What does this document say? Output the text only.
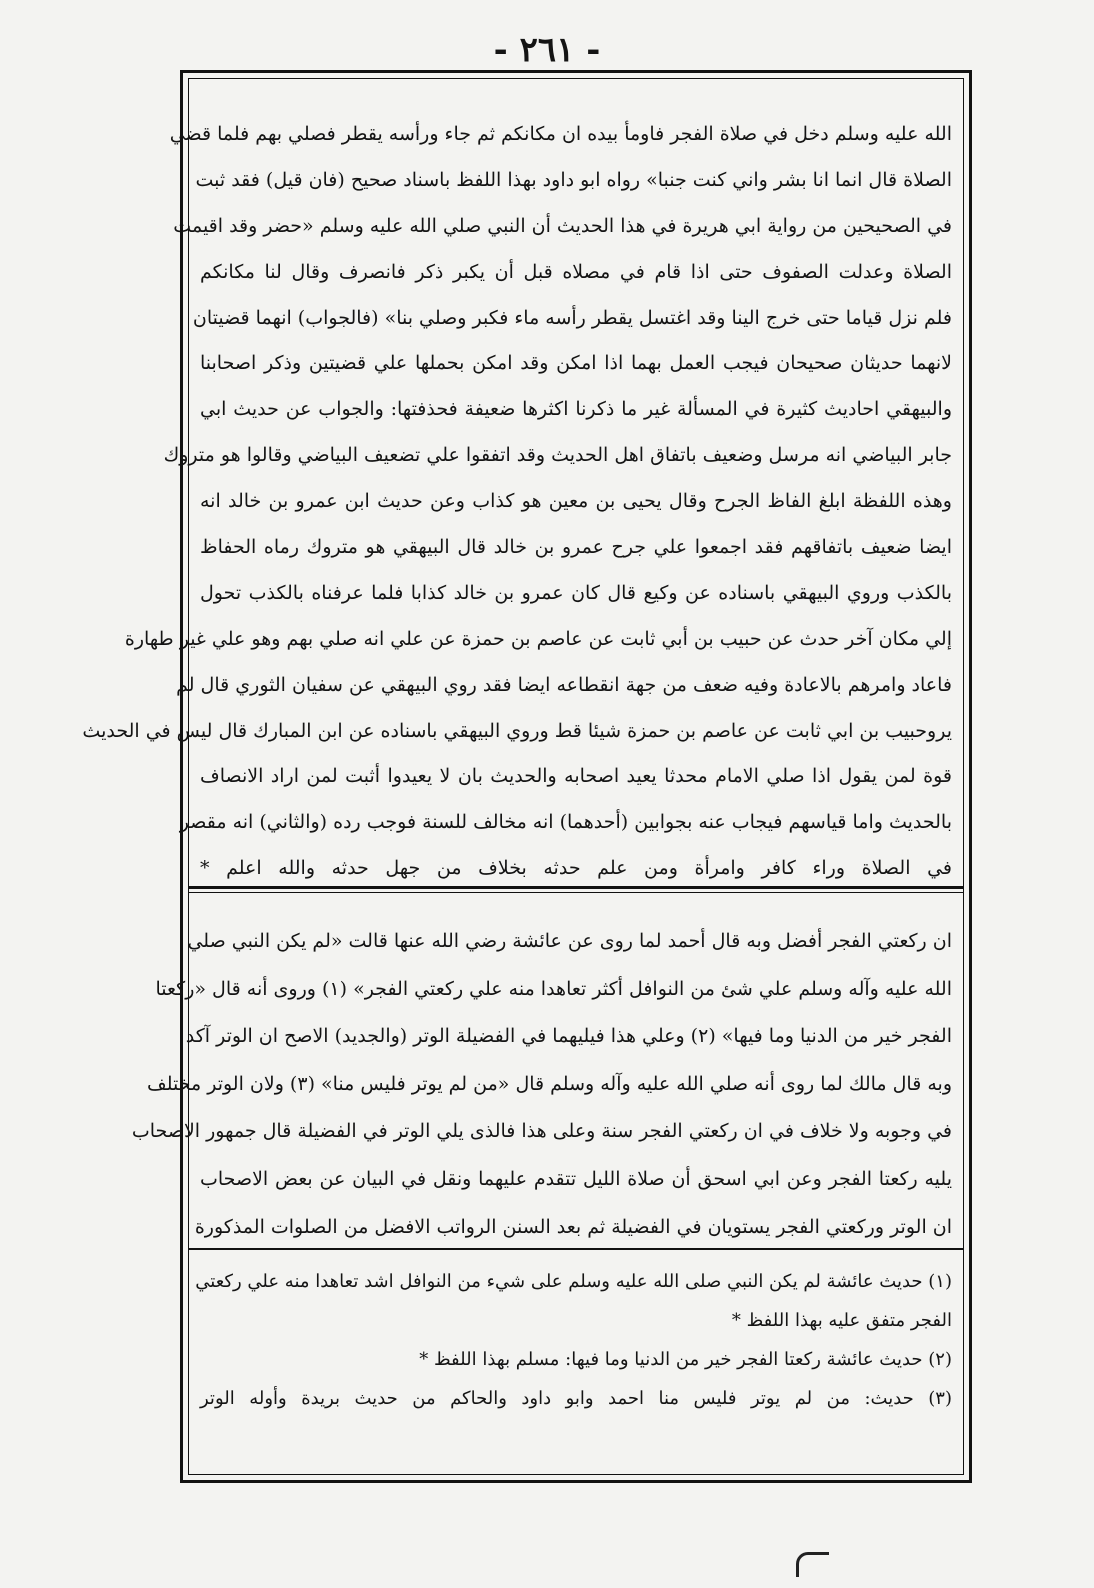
- ٢٦١ -
الله عليه وسلم دخل في صلاة الفجر فاومأ بيده ان مكانكم ثم جاء ورأسه يقطر فصلي بهم فلما قضي
الصلاة قال انما انا بشر واني كنت جنبا» رواه ابو داود بهذا اللفظ باسناد صحيح (فان قيل) فقد ثبت
في الصحيحين من رواية ابي هريرة في هذا الحديث أن النبي صلي الله عليه وسلم «حضر وقد اقيمت
الصلاة وعدلت الصفوف حتى اذا قام في مصلاه قبل أن يكبر ذكر فانصرف وقال لنا مكانكم
فلم نزل قياما حتى خرج الينا وقد اغتسل يقطر رأسه ماء فكبر وصلي بنا» (فالجواب) انهما قضيتان
لانهما حديثان صحيحان فيجب العمل بهما اذا امكن وقد امكن بحملها علي قضيتين وذكر اصحابنا
والبيهقي احاديث كثيرة في المسألة غير ما ذكرنا اكثرها ضعيفة فحذفتها: والجواب عن حديث ابي
جابر البياضي انه مرسل وضعيف باتفاق اهل الحديث وقد اتفقوا علي تضعيف البياضي وقالوا هو متروك
وهذه اللفظة ابلغ الفاظ الجرح وقال يحيى بن معين هو كذاب وعن حديث ابن عمرو بن خالد انه
ايضا ضعيف باتفاقهم فقد اجمعوا علي جرح عمرو بن خالد قال البيهقي هو متروك رماه الحفاظ
بالكذب وروي البيهقي باسناده عن وكيع قال كان عمرو بن خالد كذابا فلما عرفناه بالكذب تحول
إلي مكان آخر حدث عن حبيب بن أبي ثابت عن عاصم بن حمزة عن علي انه صلي بهم وهو علي غير طهارة
فاعاد وامرهم بالاعادة وفيه ضعف من جهة انقطاعه ايضا فقد روي البيهقي عن سفيان الثوري قال لم
يروحبيب بن ابي ثابت عن عاصم بن حمزة شيئا قط وروي البيهقي باسناده عن ابن المبارك قال ليس في الحديث
قوة لمن يقول اذا صلي الامام محدثا يعيد اصحابه والحديث بان لا يعيدوا أثبت لمن اراد الانصاف
بالحديث واما قياسهم فيجاب عنه بجوابين (أحدهما) انه مخالف للسنة فوجب رده (والثاني) انه مقصر
في الصلاة وراء كافر وامرأة ومن علم حدثه بخلاف من جهل حدثه والله اعلم *
ان ركعتي الفجر أفضل وبه قال أحمد لما روى عن عائشة رضي الله عنها قالت «لم يكن النبي صلي
الله عليه وآله وسلم علي شئ من النوافل أكثر تعاهدا منه علي ركعتي الفجر» (١) وروى أنه قال «ركعتا
الفجر خير من الدنيا وما فيها» (٢) وعلي هذا فيليهما في الفضيلة الوتر (والجديد) الاصح ان الوتر آكد
وبه قال مالك لما روى أنه صلي الله عليه وآله وسلم قال «من لم يوتر فليس منا» (٣) ولان الوتر مختلف
في وجوبه ولا خلاف في ان ركعتي الفجر سنة وعلى هذا فالذى يلي الوتر في الفضيلة قال جمهور الاصحاب
يليه ركعتا الفجر وعن ابي اسحق أن صلاة الليل تتقدم عليهما ونقل في البيان عن بعض الاصحاب
ان الوتر وركعتي الفجر يستويان في الفضيلة ثم بعد السنن الرواتب الافضل من الصلوات المذكورة
(١) حديث عائشة لم يكن النبي صلى الله عليه وسلم على شيء من النوافل اشد تعاهدا منه علي ركعتي
الفجر متفق عليه بهذا اللفظ *
(٢) حديث عائشة ركعتا الفجر خير من الدنيا وما فيها: مسلم بهذا اللفظ *
(٣) حديث: من لم يوتر فليس منا احمد وابو داود والحاكم من حديث بريدة وأوله الوتر
